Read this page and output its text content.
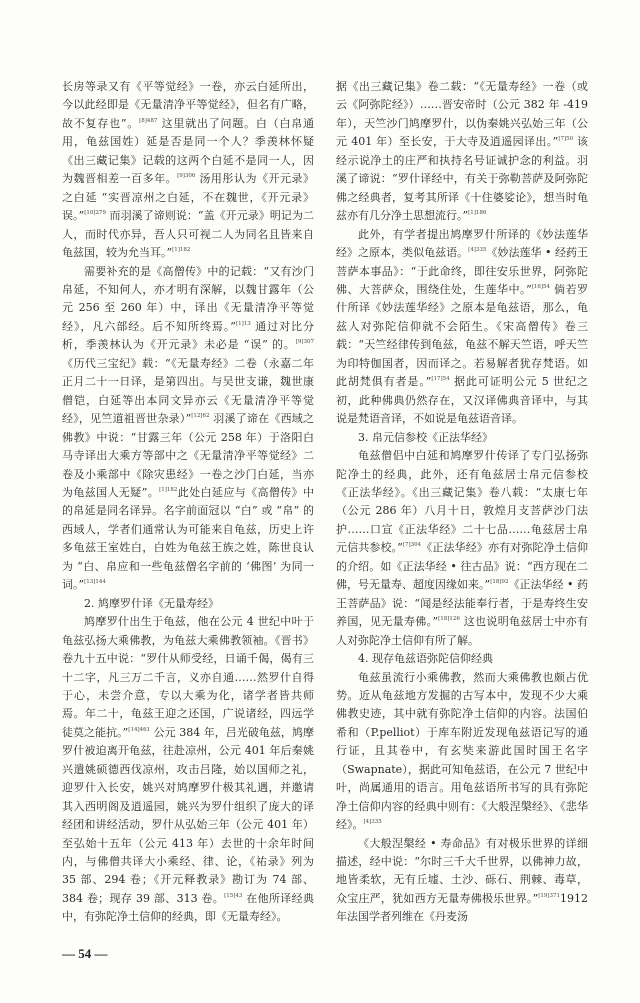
长房等录又有《平等觉经》一卷，亦云白延所出，今以此经即是《无量清净平等觉经》，但名有广略，故不复存也”。$^{[8]487}$ 这里就出了问题。白（白帛通用，龟兹国姓）延是否是同一个人？季羡林怀疑《出三藏记集》记载的这两个白延不是同一人，因为魏晋相差一百多年。$^{[9]306}$ 汤用彤认为《开元录》之白延 “实晋凉州之白延，不在魏世，《开元录》误。”$^{[10]279}$ 而羽溪了谛则说：“盖《开元录》明记为二人，而时代亦异，吾人只可视二人为同名且皆来自龟兹国，较为允当耳。”$^{[1]182}$

需要补充的是《高僧传》中的记载：“又有沙门帛延，不知何人，亦才明有深解，以魏甘露年（公元 256 至 260 年）中，译出《无量清净平等觉经》，凡六部经。后不知所终焉。”$^{[1]13}$ 通过对比分析，季羡林认为《开元录》未必是 “误” 的。$^{[9]307}$《历代三宝纪》载：“《无量寿经》二卷（永嘉二年正月二十一日译，是第四出。与吴世支谦，魏世康僧铠，白延等出本同文异亦云《无量清净平等觉经》，见竺道祖晋世杂录）”$^{[12]62}$ 羽溪了谛在《西域之佛教》中说：“甘露三年（公元 258 年）于洛阳白马寺译出大乘方等部中之《无量清净平等觉经》二卷及小乘部中《除灾患经》一卷之沙门白延，当亦为龟兹国人无疑”。$^{[1]182}$此处白延应与《高僧传》中的帛延是同名译异。名字前面冠以 “白” 或 “帛” 的西域人，学者们通常认为可能来自龟兹，历史上许多龟兹王室姓白，白姓为龟兹王族之姓，陈世良认为 “白、帛应和一些龟兹僧名字前的 ‘佛图’ 为同一词。”$^{[13]144}$

2. 鸠摩罗什译《无量寿经》

鸠摩罗什出生于龟兹，他在公元 4 世纪中叶于龟兹弘扬大乘佛教，为龟兹大乘佛教领袖。《晋书》卷九十五中说：“罗什从师受经，日诵千偈，偈有三十二字，凡三万二千言，义亦自通……然罗什自得于心，未尝介意，专以大乘为化，诸学者皆共师焉。年二十，龟兹王迎之还国，广说诸经，四远学徒莫之能抗。”$^{[14]461}$ 公元 384 年，吕光破龟兹，鸠摩罗什被迫离开龟兹，往赴凉州，公元 401 年后秦姚兴遣姚硕德西伐凉州，攻击吕隆，始以国师之礼，迎罗什入长安，姚兴对鸠摩罗什极其礼遇，并邀请其入西明阁及逍遥园，姚兴为罗什组织了庞大的译经团和讲经活动，罗什从弘始三年（公元 401 年）至弘始十五年（公元 413 年）去世的十余年时间内，与佛僧共译大小乘经、律、论，《祐录》列为 35 部、294 卷；《开元释教录》勘订为 74 部、384 卷；现存 39 部、313 卷。$^{[15]43}$ 在他所译经典中，有弥陀净土信仰的经典，即《无量寿经》。

据《出三藏记集》卷二载：“《无量寿经》一卷（或云《阿弥陀经》）……晋安帝时（公元 382 年 -419 年），天竺沙门鸠摩罗什，以伪秦姚兴弘始三年（公元 401 年）至长安，于大寺及逍遥园译出。”$^{[7]50}$ 该经示说净土的庄严和执持名号证诚护念的利益。羽溪了谛说：“罗什译经中，有关于弥勒菩萨及阿弥陀佛之经典者，复考其所译《十住婆娑论》，想当时龟兹亦有几分净土思想流行。”$^{[1]186}$

此外，有学者提出鸠摩罗什所译的《妙法莲华经》之原本，类似龟兹语。$^{[4]335}$《妙法莲华 • 经药王菩萨本事品》：“于此命终，即往安乐世界，阿弥陀佛、大菩萨众，围绕住处，生莲华中。”$^{[16]54}$ 倘若罗什所译《妙法莲华经》之原本是龟兹语，那么，龟兹人对弥陀信仰就不会陌生。《宋高僧传》卷三载：“天竺经律传到龟兹，龟兹不解天竺语，呼天竺为印特伽国者，因而译之。若易解者犹存梵语。如此胡梵俱有者是。”$^{[17]54}$ 据此可证明公元 5 世纪之初，此种佛典仍然存在，又汉译佛典音译中，与其说是梵语音译，不如说是龟兹语音译。

3. 帛元信参校《正法华经》

龟兹僧侣中白延和鸠摩罗什传译了专门弘扬弥陀净土的经典，此外，还有龟兹居士帛元信参校《正法华经》。《出三藏记集》卷八载：“太康七年（公元 286 年）八月十日，敦煌月支菩萨沙门法护……口宣《正法华经》二十七品……龟兹居士帛元信共参校。”$^{[7]304}$《正法华经》亦有对弥陀净土信仰的介绍。如《正法华经 • 往古品》说：“西方现在二佛，号无量寿、超度因缘如来。”$^{[18]92}$《正法华经 • 药王菩萨品》说：“闻是经法能奉行者，于是寿终生安养国，见无量寿佛。”$^{[18]126}$ 这也说明龟兹居士中亦有人对弥陀净土信仰有所了解。

4. 现存龟兹语弥陀信仰经典

龟兹虽流行小乘佛教，然而大乘佛教也颇占优势。近从龟兹地方发掘的古写本中，发现不少大乘佛教史迹，其中就有弥陀净土信仰的内容。法国伯希和（P.pelliot）于库车附近发现龟兹语记写的通行证，且其卷中，有玄奘来游此国时国王名字（Swapnate），据此可知龟兹语，在公元 7 世纪中叶，尚属通用的语言。用龟兹语所书写的具有弥陀净土信仰内容的经典中则有：《大般涅槃经》、《悲华经》。$^{[4]335}$

《大般涅槃经 • 寿命品》有对极乐世界的详细描述，经中说：“尔时三千大千世界，以佛神力故，地皆柔软，无有丘墟、土沙、砾石、荆棘、毒草，众宝庄严，犹如西方无量寿佛极乐世界。”$^{[19]371}$1912 年法国学者列维在《丹麦汤

— 54 —
